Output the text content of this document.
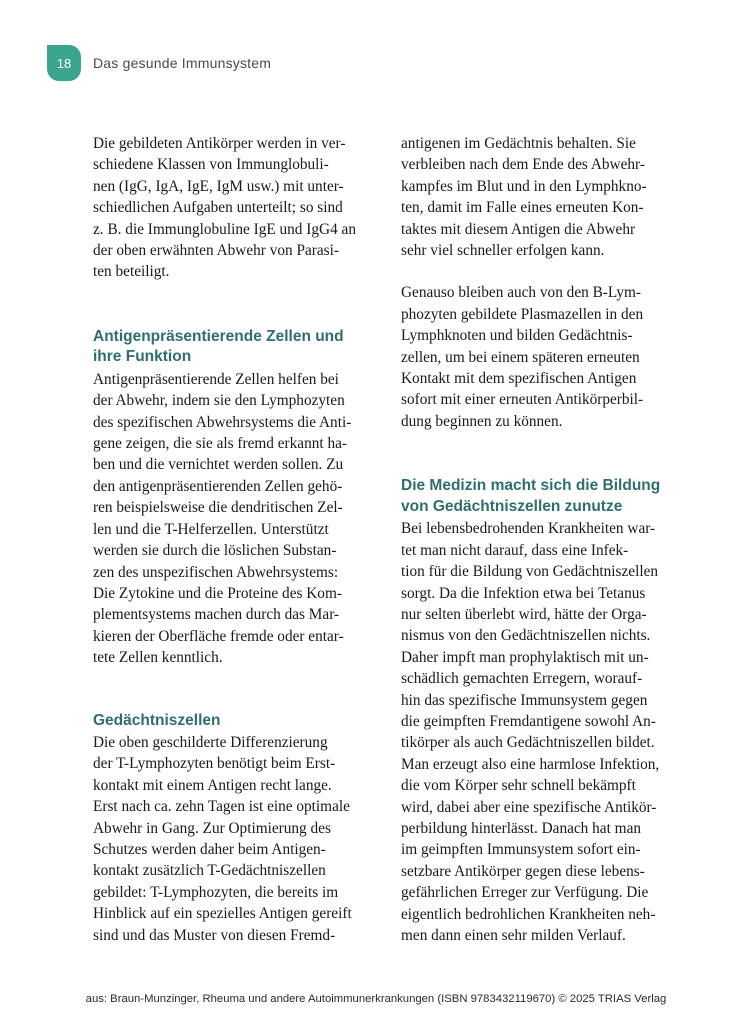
18	Das gesunde Immunsystem

Die gebildeten Antikörper werden in ver-
schiedene Klassen von Immunglobuli-
nen (IgG, IgA, IgE, IgM usw.) mit unter-
schiedlichen Aufgaben unterteilt; so sind
z. B. die Immunglobuline IgE und IgG4 an
der oben erwähnten Abwehr von Parasi-
ten beteiligt.

Antigenpräsentierende Zellen und
ihre Funktion

Antigenpräsentierende Zellen helfen bei
der Abwehr, indem sie den Lymphozyten
des spezifischen Abwehrsystems die Anti-
gene zeigen, die sie als fremd erkannt ha-
ben und die vernichtet werden sollen. Zu
den antigenpräsentierenden Zellen gehö-
ren beispielsweise die dendritischen Zel-
len und die T-Helferzellen. Unterstützt
werden sie durch die löslichen Substan-
zen des unspezifischen Abwehrsystems:
Die Zytokine und die Proteine des Kom-
plementsystems machen durch das Mar-
kieren der Oberfläche fremde oder entar-
tete Zellen kenntlich.

Gedächtniszellen

Die oben geschilderte Differenzierung
der T-Lymphozyten benötigt beim Erst-
kontakt mit einem Antigen recht lange.
Erst nach ca. zehn Tagen ist eine optimale
Abwehr in Gang. Zur Optimierung des
Schutzes werden daher beim Antigen-
kontakt zusätzlich T-Gedächtniszellen
gebildet: T-Lymphozyten, die bereits im
Hinblick auf ein spezielles Antigen gereift
sind und das Muster von diesen Fremd-

antigenen im Gedächtnis behalten. Sie
verbleiben nach dem Ende des Abwehr-
kampfes im Blut und in den Lymphkno-
ten, damit im Falle eines erneuten Kon-
taktes mit diesem Antigen die Abwehr
sehr viel schneller erfolgen kann.

Genauso bleiben auch von den B-Lym-
phozyten gebildete Plasmazellen in den
Lymphknoten und bilden Gedächtnis-
zellen, um bei einem späteren erneuten
Kontakt mit dem spezifischen Antigen
sofort mit einer erneuten Antikörperbil-
dung beginnen zu können.

Die Medizin macht sich die Bildung
von Gedächtniszellen zunutze

Bei lebensbedrohenden Krankheiten war-
tet man nicht darauf, dass eine Infek-
tion für die Bildung von Gedächtniszellen
sorgt. Da die Infektion etwa bei Tetanus
nur selten überlebt wird, hätte der Orga-
nismus von den Gedächtniszellen nichts.
Daher impft man prophylaktisch mit un-
schädlich gemachten Erregern, worauf-
hin das spezifische Immunsystem gegen
die geimpften Fremdantigene sowohl An-
tikörper als auch Gedächtniszellen bildet.
Man erzeugt also eine harmlose Infektion,
die vom Körper sehr schnell bekämpft
wird, dabei aber eine spezifische Antikör-
perbildung hinterlässt. Danach hat man
im geimpften Immunsystem sofort ein-
setzbare Antikörper gegen diese lebens-
gefährlichen Erreger zur Verfügung. Die
eigentlich bedrohlichen Krankheiten neh-
men dann einen sehr milden Verlauf.

aus: Braun-Munzinger, Rheuma und andere Autoimmunerkrankungen (ISBN 9783432119670) © 2025 TRIAS Verlag
